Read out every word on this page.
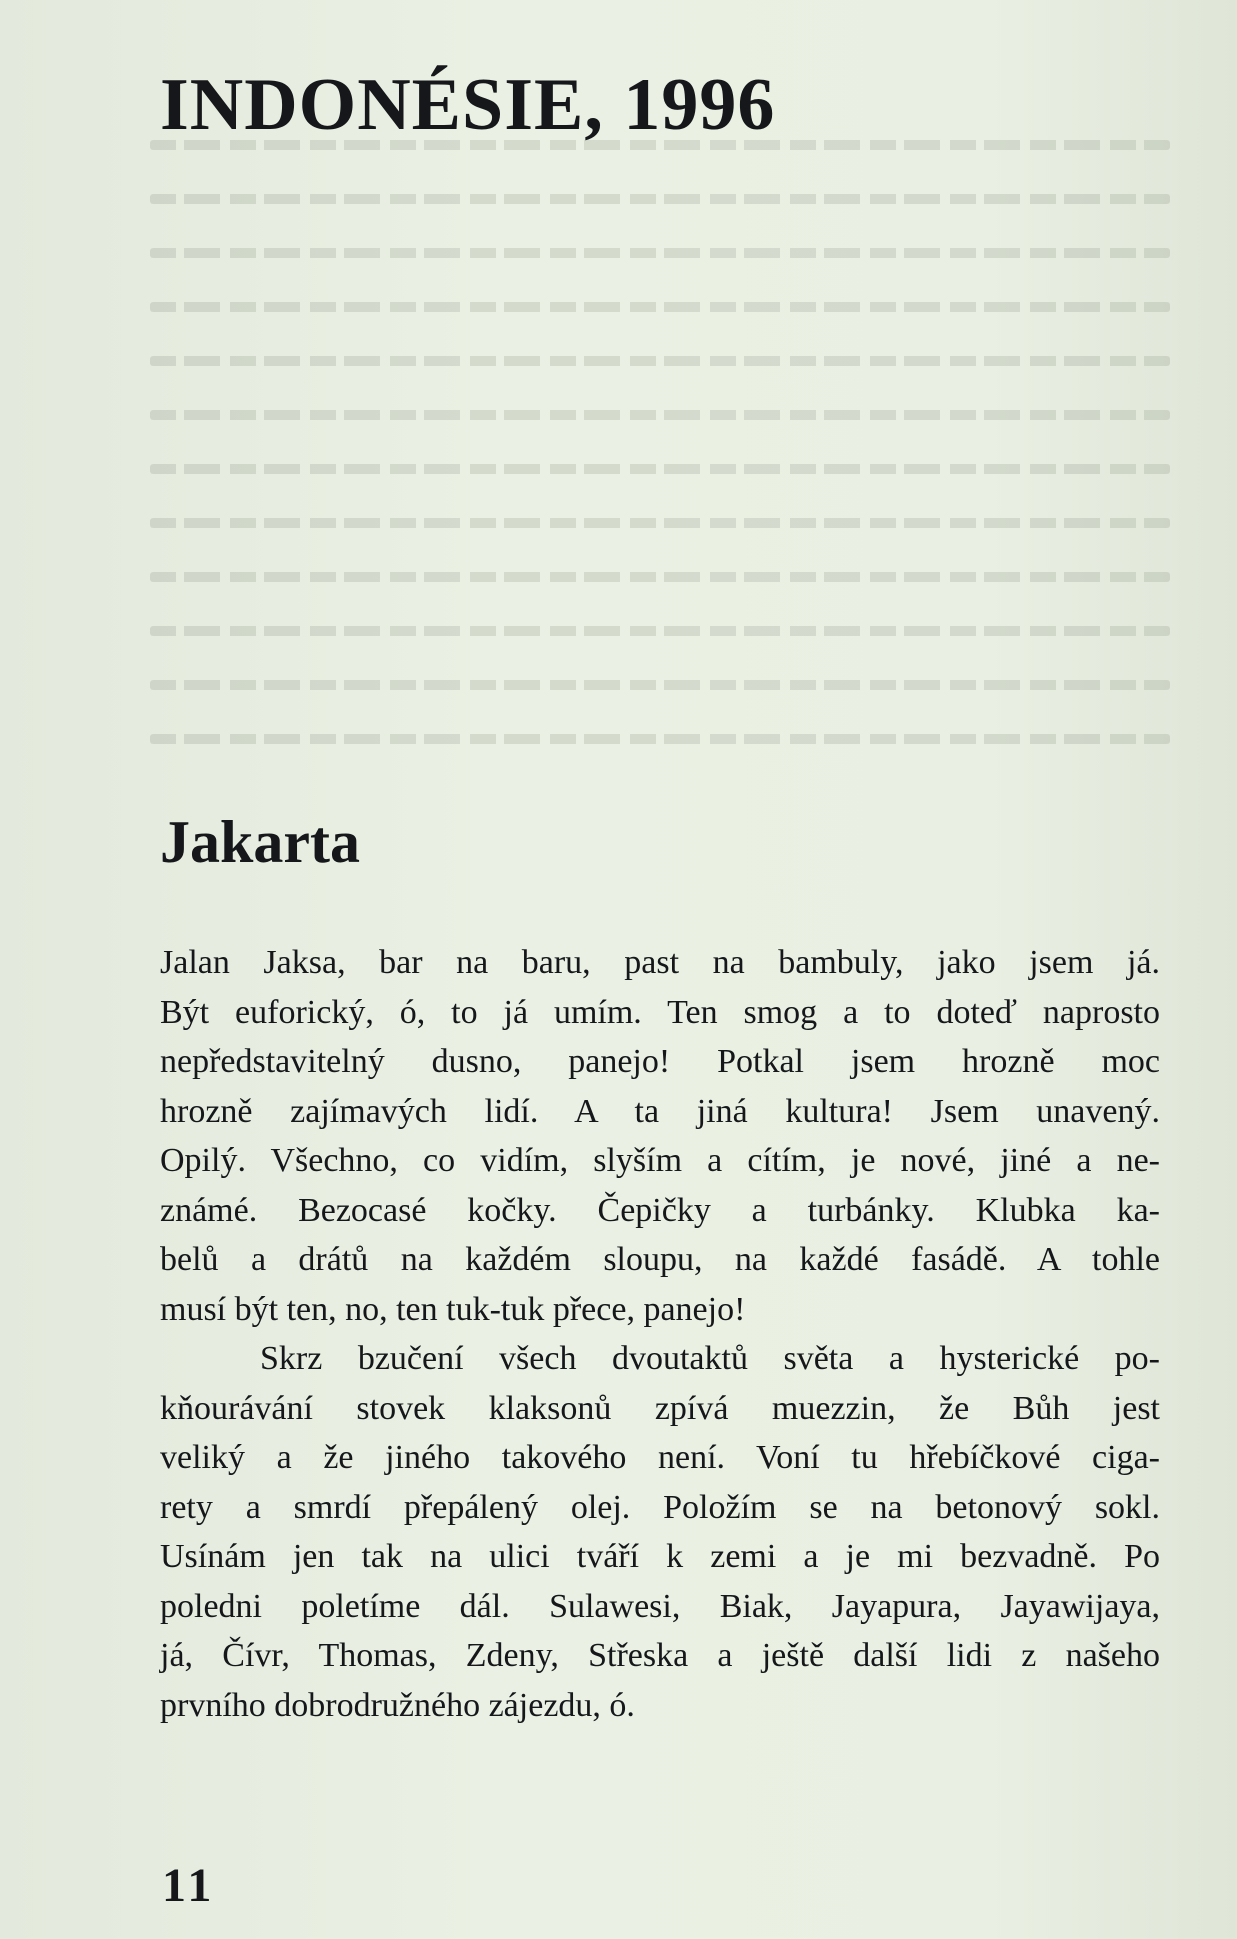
INDONÉSIE, 1996
Jakarta
Jalan Jaksa, bar na baru, past na bambuly, jako jsem já.
Být euforický, ó, to já umím. Ten smog a to doteď naprosto
nepředstavitelný dusno, panejo! Potkal jsem hrozně moc
hrozně zajímavých lidí. A ta jiná kultura! Jsem unavený.
Opilý. Všechno, co vidím, slyším a cítím, je nové, jiné a ne-
známé. Bezocasé kočky. Čepičky a turbánky. Klubka ka-
belů a drátů na každém sloupu, na každé fasádě. A tohle
musí být ten, no, ten tuk-tuk přece, panejo!
Skrz bzučení všech dvoutaktů světa a hysterické po-
kňourávání stovek klaksonů zpívá muezzin, že Bůh jest
veliký a že jiného takového není. Voní tu hřebíčkové ciga-
rety a smrdí přepálený olej. Položím se na betonový sokl.
Usínám jen tak na ulici tváří k zemi a je mi bezvadně. Po
poledni poletíme dál. Sulawesi, Biak, Jayapura, Jayawijaya,
já, Čívr, Thomas, Zdeny, Střeska a ještě další lidi z našeho
prvního dobrodružného zájezdu, ó.
11
